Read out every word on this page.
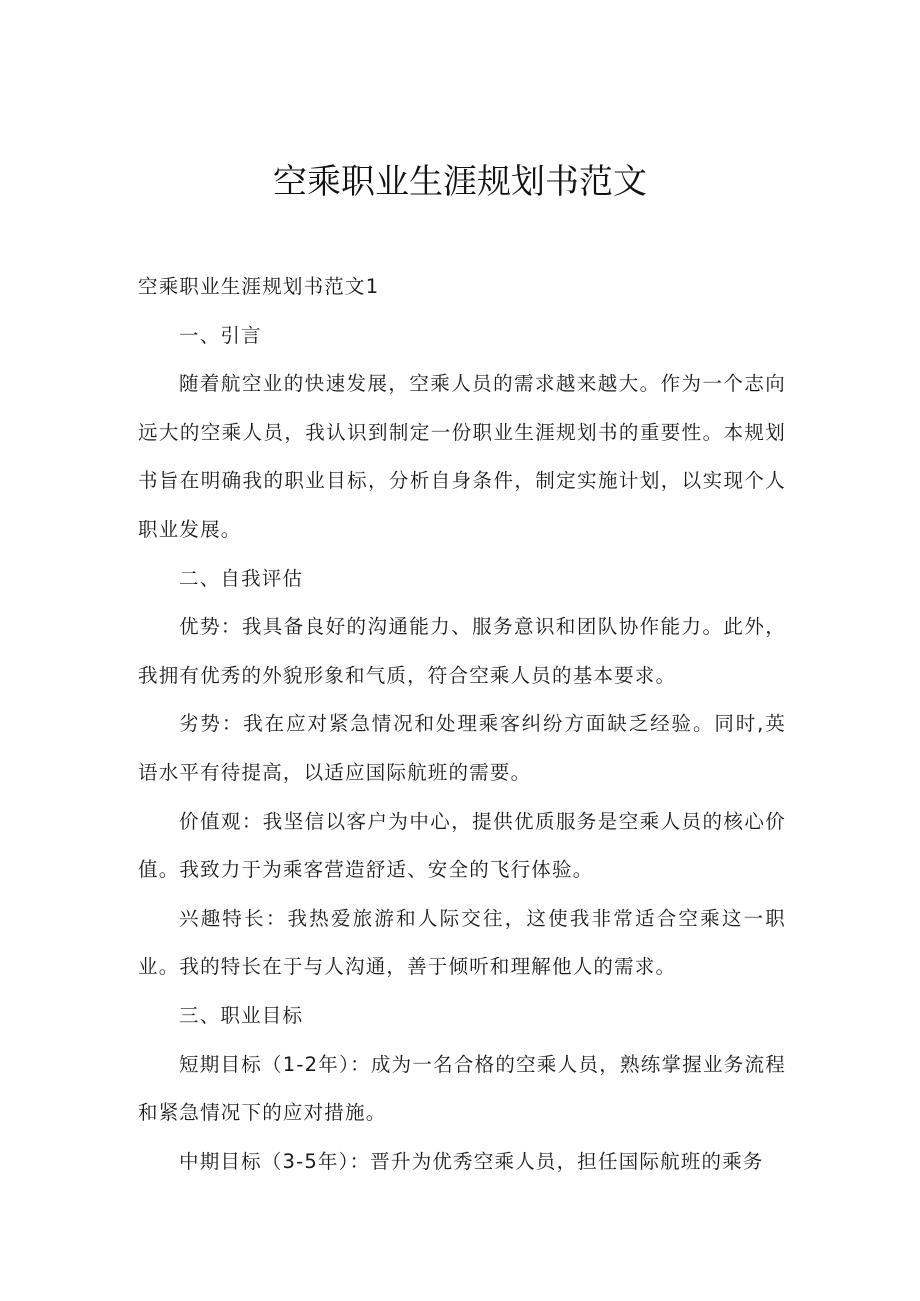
空乘职业生涯规划书范文

空乘职业生涯规划书范文1

一、引言

随着航空业的快速发展，空乘人员的需求越来越大。作为一个志向远大的空乘人员，我认识到制定一份职业生涯规划书的重要性。本规划书旨在明确我的职业目标，分析自身条件，制定实施计划，以实现个人职业发展。

二、自我评估

优势：我具备良好的沟通能力、服务意识和团队协作能力。此外，我拥有优秀的外貌形象和气质，符合空乘人员的基本要求。

劣势：我在应对紧急情况和处理乘客纠纷方面缺乏经验。同时,英语水平有待提高，以适应国际航班的需要。

价值观：我坚信以客户为中心，提供优质服务是空乘人员的核心价值。我致力于为乘客营造舒适、安全的飞行体验。

兴趣特长：我热爱旅游和人际交往，这使我非常适合空乘这一职业。我的特长在于与人沟通，善于倾听和理解他人的需求。

三、职业目标

短期目标（1-2年）：成为一名合格的空乘人员，熟练掌握业务流程和紧急情况下的应对措施。

中期目标（3-5年）：晋升为优秀空乘人员，担任国际航班的乘务
